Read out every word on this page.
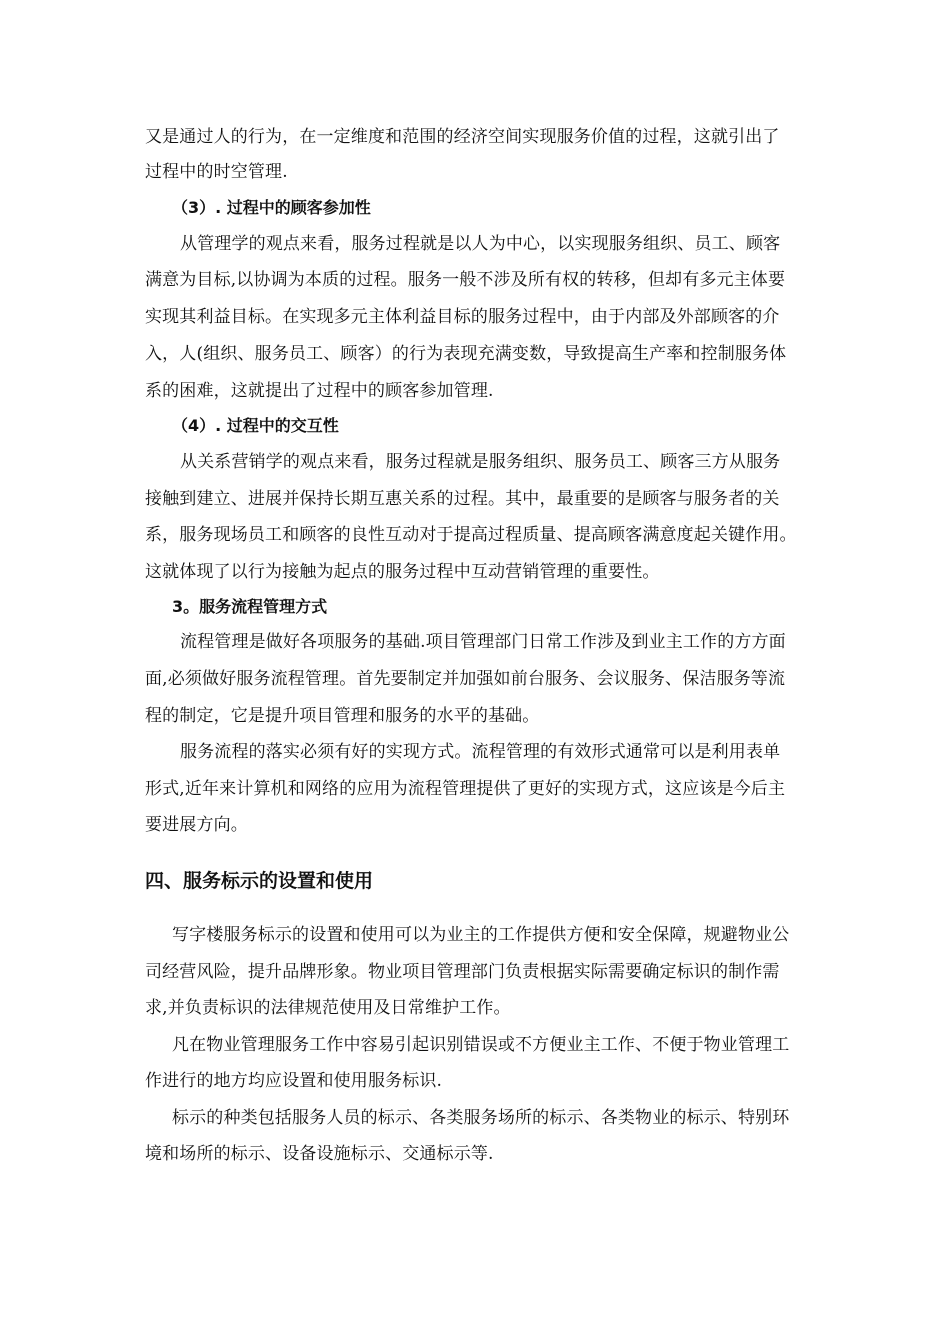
又是通过人的行为，在一定维度和范围的经济空间实现服务价值的过程，这就引出了

过程中的时空管理.

（3）. 过程中的顾客参加性

从管理学的观点来看，服务过程就是以人为中心，以实现服务组织、员工、顾客

满意为目标,以协调为本质的过程。服务一般不涉及所有权的转移，但却有多元主体要

实现其利益目标。在实现多元主体利益目标的服务过程中，由于内部及外部顾客的介

入，人(组织、服务员工、顾客）的行为表现充满变数，导致提高生产率和控制服务体

系的困难，这就提出了过程中的顾客参加管理.

（4）. 过程中的交互性

从关系营销学的观点来看，服务过程就是服务组织、服务员工、顾客三方从服务

接触到建立、进展并保持长期互惠关系的过程。其中，最重要的是顾客与服务者的关

系，服务现场员工和顾客的良性互动对于提高过程质量、提高顾客满意度起关键作用。

这就体现了以行为接触为起点的服务过程中互动营销管理的重要性。

3。服务流程管理方式

流程管理是做好各项服务的基础.项目管理部门日常工作涉及到业主工作的方方面

面,必须做好服务流程管理。首先要制定并加强如前台服务、会议服务、保洁服务等流

程的制定，它是提升项目管理和服务的水平的基础。

服务流程的落实必须有好的实现方式。流程管理的有效形式通常可以是利用表单

形式,近年来计算机和网络的应用为流程管理提供了更好的实现方式，这应该是今后主

要进展方向。

四、服务标示的设置和使用

写字楼服务标示的设置和使用可以为业主的工作提供方便和安全保障，规避物业公

司经营风险，提升品牌形象。物业项目管理部门负责根据实际需要确定标识的制作需

求,并负责标识的法律规范使用及日常维护工作。

凡在物业管理服务工作中容易引起识别错误或不方便业主工作、不便于物业管理工

作进行的地方均应设置和使用服务标识.

标示的种类包括服务人员的标示、各类服务场所的标示、各类物业的标示、特别环

境和场所的标示、设备设施标示、交通标示等.
